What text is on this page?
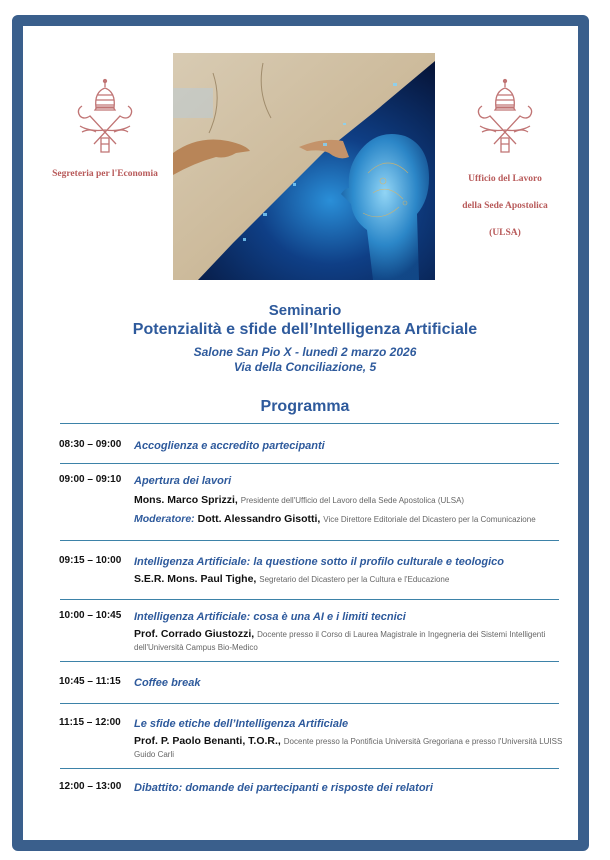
Segreteria per l'Economia	Ufficio del Lavoro
della Sede Apostolica
(ULSA)
Seminario
Potenzialità e sfide dell’Intelligenza Artificiale
Salone San Pio X - lunedì 2 marzo 2026
Via della Conciliazione, 5
Programma
08:30 – 09:00 Accoglienza e accredito partecipanti
09:00 – 09:10 Apertura dei lavori
Mons. Marco Sprizzi, Presidente dell'Ufficio del Lavoro della Sede Apostolica (ULSA)
Moderatore: Dott. Alessandro Gisotti, Vice Direttore Editoriale del Dicastero per la Comunicazione
09:15 – 10:00 Intelligenza Artificiale: la questione sotto il profilo culturale e teologico
S.E.R. Mons. Paul Tighe, Segretario del Dicastero per la Cultura e l'Educazione
10:00 – 10:45 Intelligenza Artificiale: cosa è una AI e i limiti tecnici
Prof. Corrado Giustozzi, Docente presso il Corso di Laurea Magistrale in Ingegneria dei Sistemi Intelligenti dell'Università Campus Bio-Medico
10:45 – 11:15 Coffee break
11:15 – 12:00 Le sfide etiche dell’Intelligenza Artificiale
Prof. P. Paolo Benanti, T.O.R., Docente presso la Pontificia Università Gregoriana e presso l'Università LUISS Guido Carli
12:00 – 13:00 Dibattito: domande dei partecipanti e risposte dei relatori
